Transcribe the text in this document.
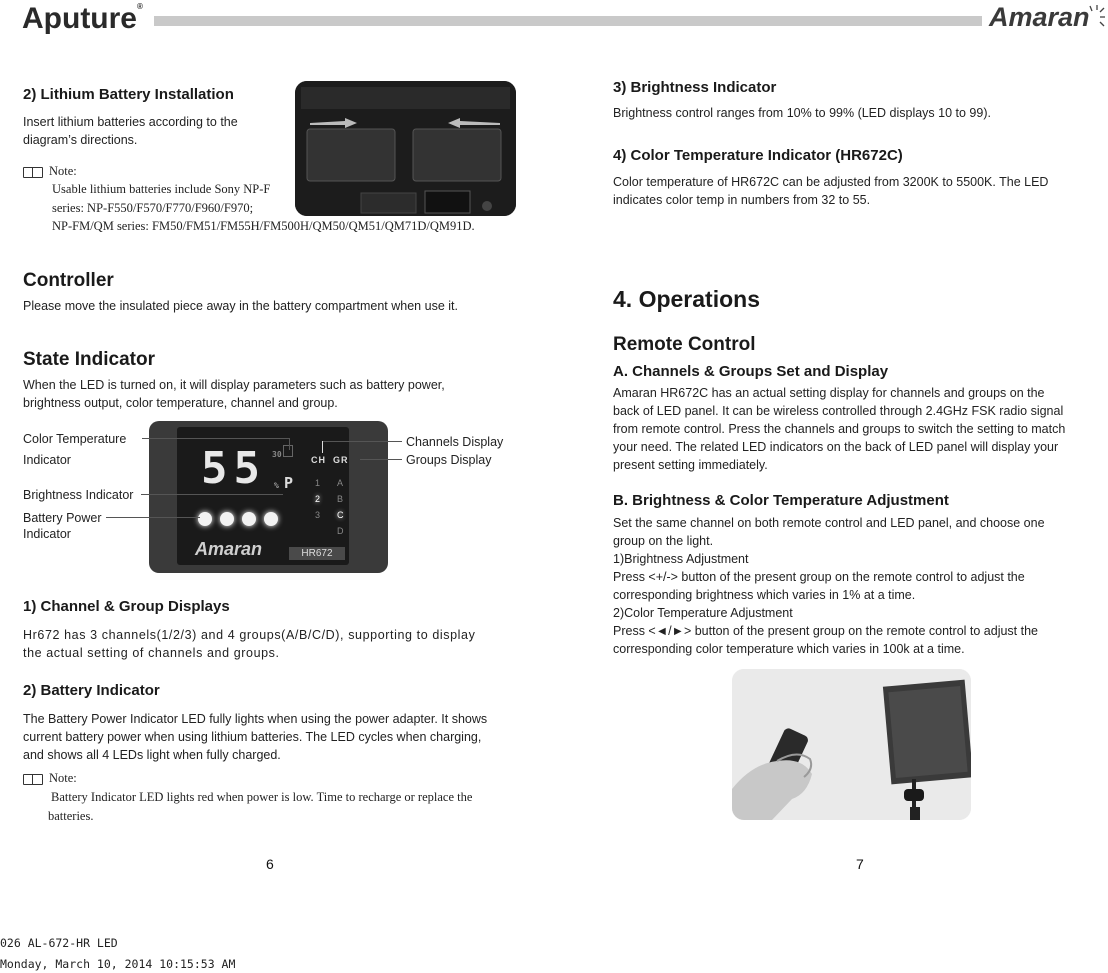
Aputure®	Amaran
2) Lithium Battery Installation
Insert lithium batteries according to the
diagram’s directions.
Note:
Usable lithium batteries include Sony NP-F
series: NP-F550/F570/F770/F960/F970;
NP-FM/QM series: FM50/FM51/FM55H/FM500H/QM50/QM51/QM71D/QM91D.
Controller
Please move the insulated piece away in the battery compartment when use it.
State Indicator
When the LED is turned on, it will display parameters such as battery power,
brightness output, color temperature, channel and group.
55 30
% P
CH GR
1
2
3
A
B
C
D
Amaran	HR672
Color Temperature
Indicator
Brightness Indicator
Battery Power
Indicator
Channels Display
Groups Display
1) Channel & Group Displays
Hr672 has 3 channels(1/2/3) and 4 groups(A/B/C/D), supporting to display
the actual setting of channels and groups.
2) Battery Indicator
The Battery Power Indicator LED fully lights when using the power adapter. It shows
current battery power when using lithium batteries. The LED cycles when charging,
and shows all 4 LEDs light when fully charged.
Note:
Battery Indicator LED lights red when power is low. Time to recharge or replace the
batteries.
6
3) Brightness Indicator
Brightness control ranges from 10% to 99% (LED displays 10 to 99).
4) Color Temperature Indicator (HR672C)
Color temperature of HR672C can be adjusted from 3200K to 5500K. The LED
indicates color temp in numbers from 32 to 55.
4. Operations
Remote Control
A. Channels & Groups Set and Display
Amaran HR672C has an actual setting display for channels and groups on the
back of LED panel. It can be wireless controlled through 2.4GHz FSK radio signal
from remote control. Press the channels and groups to switch the setting to match
your need. The related LED indicators on the back of LED panel will display your
present setting immediately.
B. Brightness & Color Temperature Adjustment
Set the same channel on both remote control and LED panel, and choose one
group on the light.
1)Brightness Adjustment
Press <+/-> button of the present group on the remote control to adjust the
corresponding brightness which varies in 1% at a time.
2)Color Temperature Adjustment
Press <◄/►> button of the present group on the remote control to adjust the
corresponding color temperature which varies in 100k at a time.
7
026 AL-672-HR LED
Monday, March 10, 2014 10:15:53 AM
